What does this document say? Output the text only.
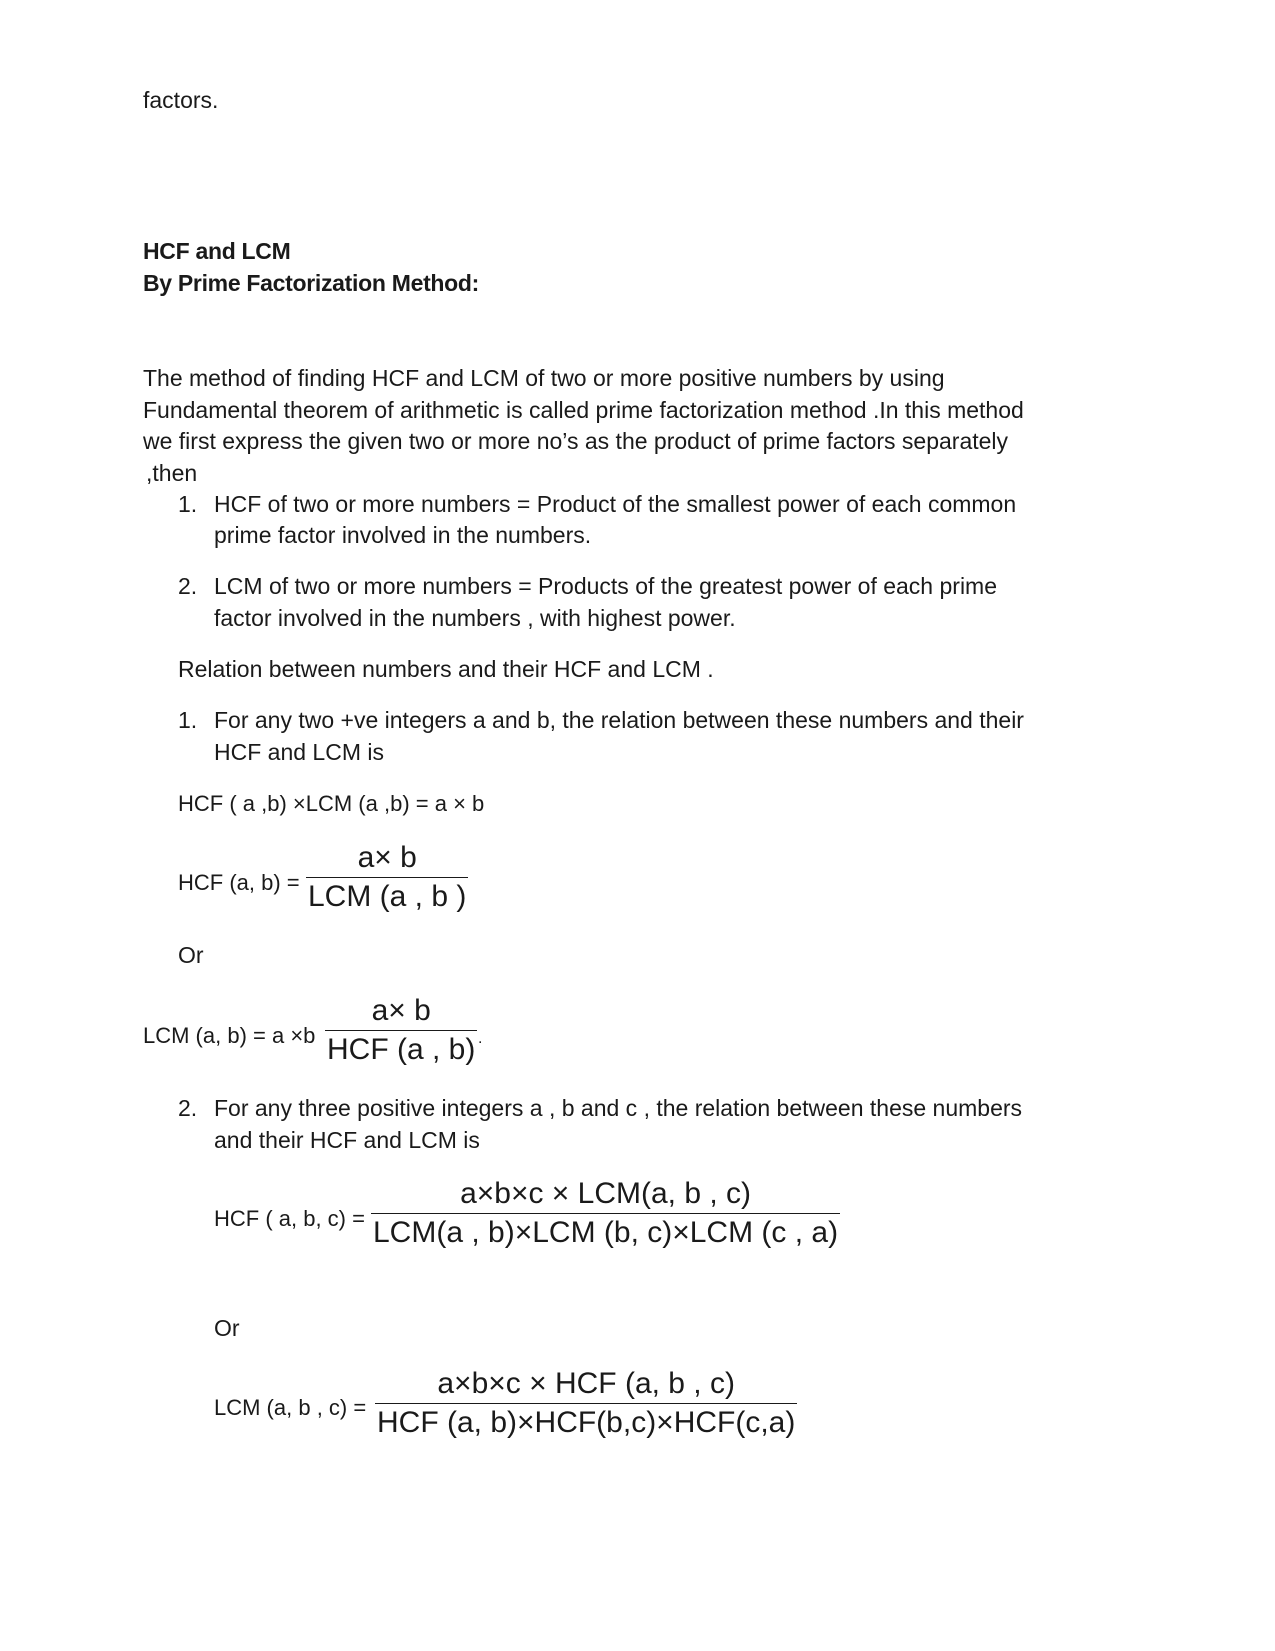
factors.
HCF and LCM
By Prime Factorization Method:
The method of finding HCF and LCM of two or more positive numbers by using
Fundamental theorem of arithmetic is called prime factorization method .In this method
we first express the given two or more no’s as the product of prime factors separately
,then
1. HCF of two or more numbers = Product of the smallest power of each common
prime factor involved in the numbers.
2. LCM of two or more numbers = Products of the greatest power of each prime
factor involved in the numbers , with highest power.
Relation between numbers and their HCF and LCM .
1. For any two +ve integers a and b, the relation between these numbers and their
HCF and LCM is
HCF ( a ,b) ×LCM (a ,b) = a × b
HCF (a, b) =
a× b
LCM (a , b )
Or
LCM (a, b) = a ×b
a× b
HCF (a , b) .
2. For any three positive integers a , b and c , the relation between these numbers
and their HCF and LCM is
HCF ( a, b, c) =
a×b×c × LCM(a, b , c)
LCM(a , b)×LCM (b, c)×LCM (c , a)
Or
LCM (a, b , c) =
a×b×c × HCF (a, b , c)
HCF (a, b)×HCF(b,c)×HCF(c,a)
